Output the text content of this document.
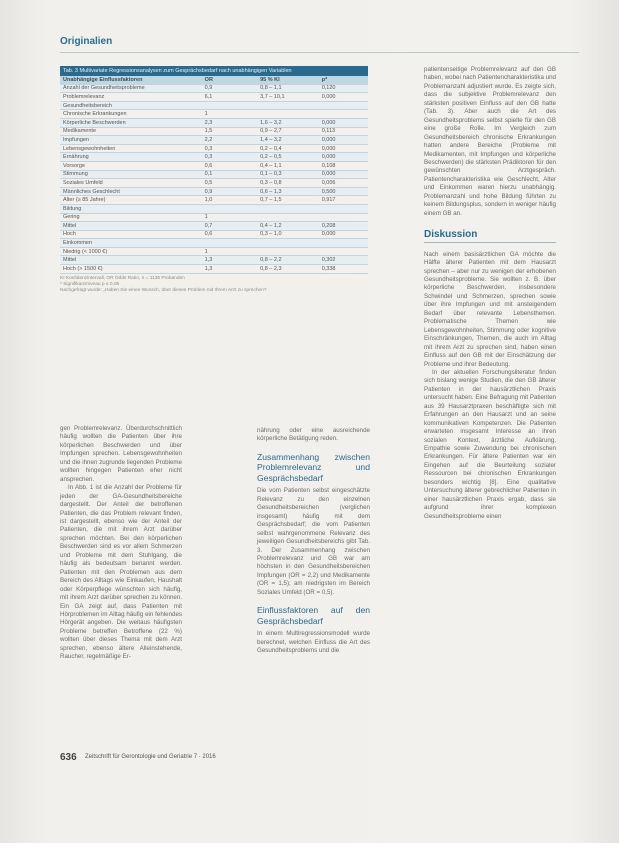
Originalien
Tab. 3 Multivariate Regressionsanalysen zum Gesprächsbedarf nach unabhängigen Variablen
Unabhängige Einflussfaktoren	OR	95 % KI	p*
Anzahl der Gesundheitsprobleme	0,9	0,8 – 1,1	0,120
Problemrelevanz	6,1	3,7 – 10,1	0,000
Gesundheitsbereich			
Chronische Erkrankungen	1		
Körperliche Beschwerden	2,3	1,6 – 3,2	0,000
Medikamente	1,5	0,9 – 2,7	0,113
Impfungen	2,2	1,4 – 3,2	0,000
Lebensgewohnheiten	0,3	0,2 – 0,4	0,000
Ernährung	0,3	0,2 – 0,5	0,000
Vorsorge	0,6	0,4 – 1,1	0,108
Stimmung	0,1	0,1 – 0,3	0,000
Soziales Umfeld	0,5	0,3 – 0,8	0,006
Männliches Geschlecht	0,9	0,6 – 1,3	0,500
Alter (≥ 85 Jahre)	1,0	0,7 – 1,5	0,917
Bildung			
Gering	1		
Mittel	0,7	0,4 – 1,2	0,208
Hoch	0,6	0,3 – 1,0	0,000
Einkommen			
Niedrig (< 1000 €)	1		
Mittel	1,3	0,8 – 2,2	0,302
Hoch (> 1500 €)	1,3	0,8 – 2,3	0,338
KI Konfidenzintervall, OR Odds Ratio, n = 1136 Probanden
* Signifikanzniveau p ≤ 0,05
Nachgefragt wurde: „Haben Sie einen Wunsch, über dieses Problem mit Ihrem Arzt zu sprechen?

gen Problemrelevanz. Überdurchschnittlich häufig wollten die Patienten über ihre körperlichen Beschwerden und über Impfungen sprechen. Lebensgewohnheiten und die ihnen zugrunde liegenden Probleme wollten hingegen Patienten eher nicht ansprechen.

In Abb. 1 ist die Anzahl der Probleme für jeden der GA-Gesundheitsbereiche dargestellt. Der Anteil der betroffenen Patienten, die das Problem relevant finden, ist dargestellt, ebenso wie der Anteil der Patienten, die mit ihrem Arzt darüber sprechen möchten. Bei den körperlichen Beschwerden sind es vor allem Schmerzen und Probleme mit dem Stuhlgang, die häufig als bedeutsam benannt werden. Patienten mit den Problemen aus dem Bereich des Alltags wie Einkaufen, Haushalt oder Körperpflege wünschten sich häufig, mit ihrem Arzt darüber sprechen zu können. Ein GA zeigt auf, dass Patienten mit Hörproblemen im Alltag häufig ein fehlendes Hörgerät angeben. Die weitaus häufigsten Probleme betreffen Betroffene (22 %) wollten über dieses Thema mit dem Arzt sprechen, ebenso ältere Alleinstehende, Raucher, regelmäßige Er-

nährung oder eine ausreichende körperliche Betätigung reden.

Zusammenhang zwischen Problemrelevanz und Gesprächsbedarf

Die vom Patienten selbst eingeschätzte Relevanz zu den einzelnen Gesundheitsbereichen (verglichen insgesamt) häufig mit dem Gesprächsbedarf; die vom Patienten selbst wahrgenommene Relevanz des jeweiligen Gesundheitsbereichs gibt Tab. 3. Der Zusammenhang zwischen Problemrelevanz und GB war am höchsten in den Gesundheitsbereichen Impfungen (OR = 2,2) und Medikamente (OR = 1,5); am niedrigsten im Bereich Soziales Umfeld (OR = 0,5).

Einflussfaktoren auf den Gesprächsbedarf

In einem Multiregressionsmodell wurde berechnet, welchen Einfluss die Art des Gesundheitsproblems und die

patientenseitige Problemrelevanz auf den GB haben, wobei nach Patientencharakteristika und Problemanzahl adjustiert wurde. Es zeigte sich, dass die subjektive Problemrelevanz den stärksten positiven Einfluss auf den GB hatte (Tab. 3). Aber auch die Art des Gesundheitsproblems selbst spielte für den GB eine große Rolle. Im Vergleich zum Gesundheitsbereich chronische Erkrankungen hatten andere Bereiche (Probleme mit Medikamenten, mit Impfungen und körperliche Beschwerden) die stärksten Prädiktoren für den gewünschten Arztgespräch. Patientencharakteristika wie Geschlecht, Alter und Einkommen waren hierzu unabhängig. Problemanzahl und hohe Bildung führten zu keinem Bildungsplus, sondern in weniger häufig einem GB an.

Diskussion

Nach einem basisärztlichen GA möchte die Hälfte älterer Patienten mit dem Hausarzt sprechen – aber nur zu wenigen der erhobenen Gesundheitsprobleme. Sie wollten z. B. über körperliche Beschwerden, insbesondere Schwindel und Schmerzen, sprechen sowie über ihre Impfungen und mit ansteigendem Bedarf über relevante Lebensthemen. Problematische Themen wie Lebensgewohnheiten, Stimmung oder kognitive Einschränkungen, Themen, die auch im Alltag mit ihrem Arzt zu sprechen sind, haben einen Einfluss auf den GB mit der Einschätzung der Probleme und ihrer Bedeutung.

In der aktuellen Forschungsliteratur finden sich bislang wenige Studien, die den GB älterer Patienten in der hausärztlichen Praxis untersucht haben. Eine Befragung mit Patienten aus 39 Hausarztpraxen beschäftigte sich mit Erfahrungen an den Hausarzt und an seine kommunikativen Kompetenzen. Die Patienten erwarteten insgesamt Interesse an ihren sozialen Kontext, ärztliche Aufklärung, Empathie sowie Zuwendung bei chronischen Erkrankungen. Für ältere Patienten war ein Eingehen auf die Beurteilung sozialer Ressourcen bei chronischen Erkrankungen besonders wichtig [8]. Eine qualitative Untersuchung älterer gebrechlicher Patienten in einer hausärztlichen Praxis ergab, dass sie aufgrund ihrer komplexen Gesundheitsprobleme einen

636 Zeitschrift für Gerontologie und Geriatrie 7 · 2016
